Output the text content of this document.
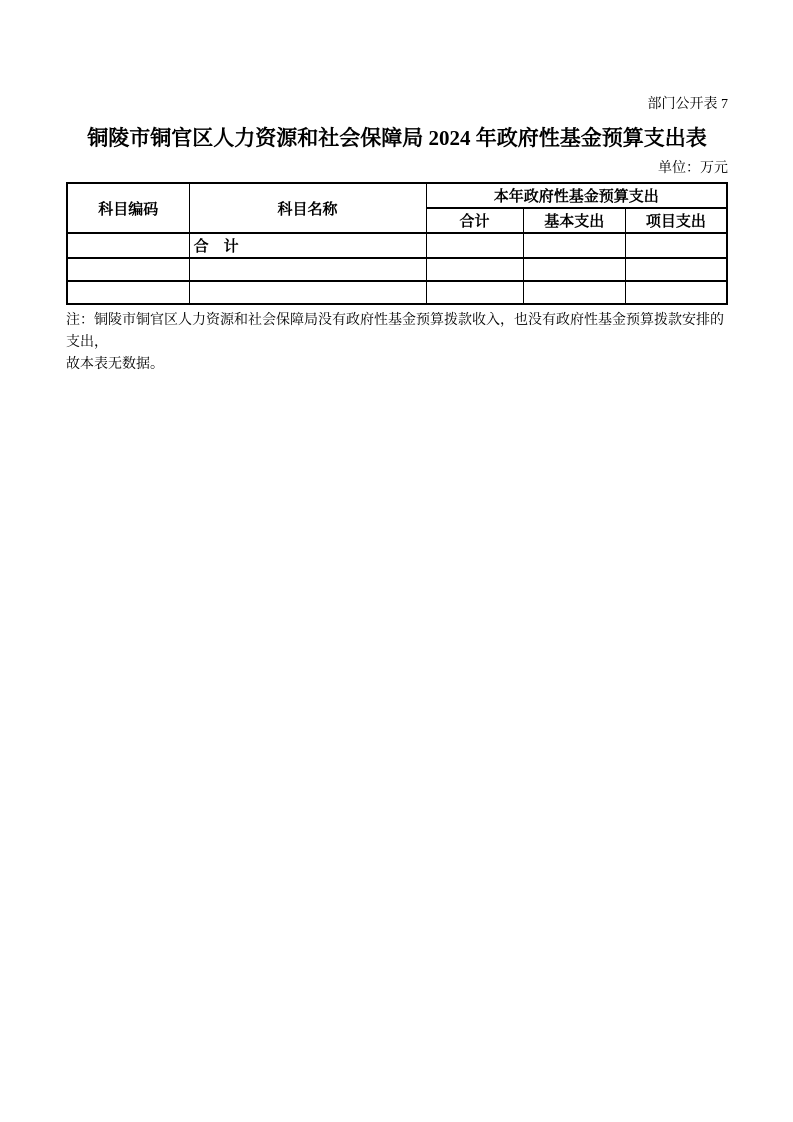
部门公开表 7
铜陵市铜官区人力资源和社会保障局 2024 年政府性基金预算支出表
单位：万元
科目编码	科目名称	本年政府性基金预算支出		
		合计	基本支出	项目支出
	合　计			

注：铜陵市铜官区人力资源和社会保障局没有政府性基金预算拨款收入，也没有政府性基金预算拨款安排的支出，
故本表无数据。
